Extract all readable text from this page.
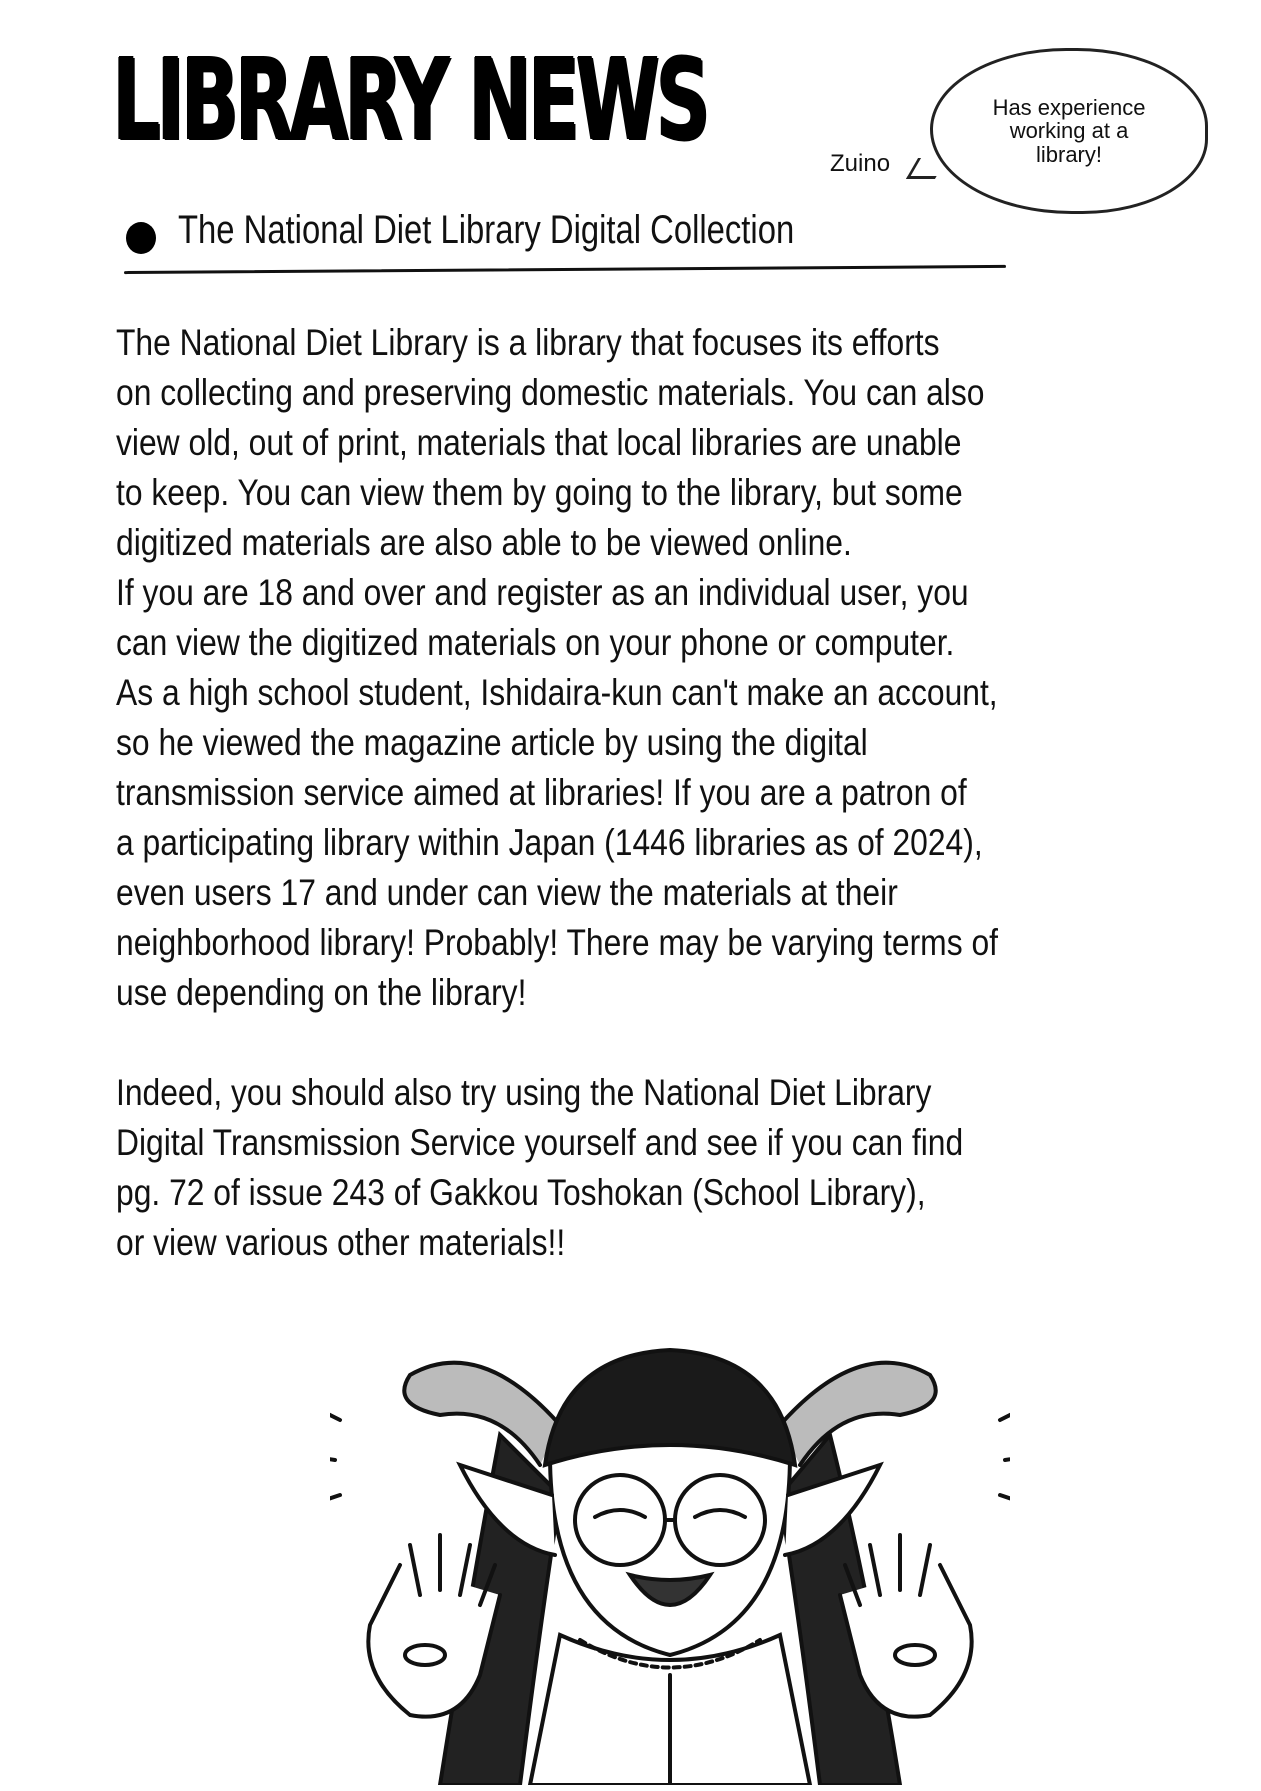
LIBRARY NEWS	Zuino
Has experience working at a library!
The National Diet Library Digital Collection
The National Diet Library is a library that focuses its efforts
on collecting and preserving domestic materials. You can also
view old, out of print, materials that local libraries are unable
to keep. You can view them by going to the library, but some
digitized materials are also able to be viewed online.
If you are 18 and over and register as an individual user, you
can view the digitized materials on your phone or computer.
As a high school student, Ishidaira-kun can't make an account,
so he viewed the magazine article by using the digital
transmission service aimed at libraries! If you are a patron of
a participating library within Japan (1446 libraries as of 2024),
even users 17 and under can view the materials at their
neighborhood library! Probably! There may be varying terms of
use depending on the library!
Indeed, you should also try using the National Diet Library
Digital Transmission Service yourself and see if you can find
pg. 72 of issue 243 of Gakkou Toshokan (School Library),
or view various other materials!!
